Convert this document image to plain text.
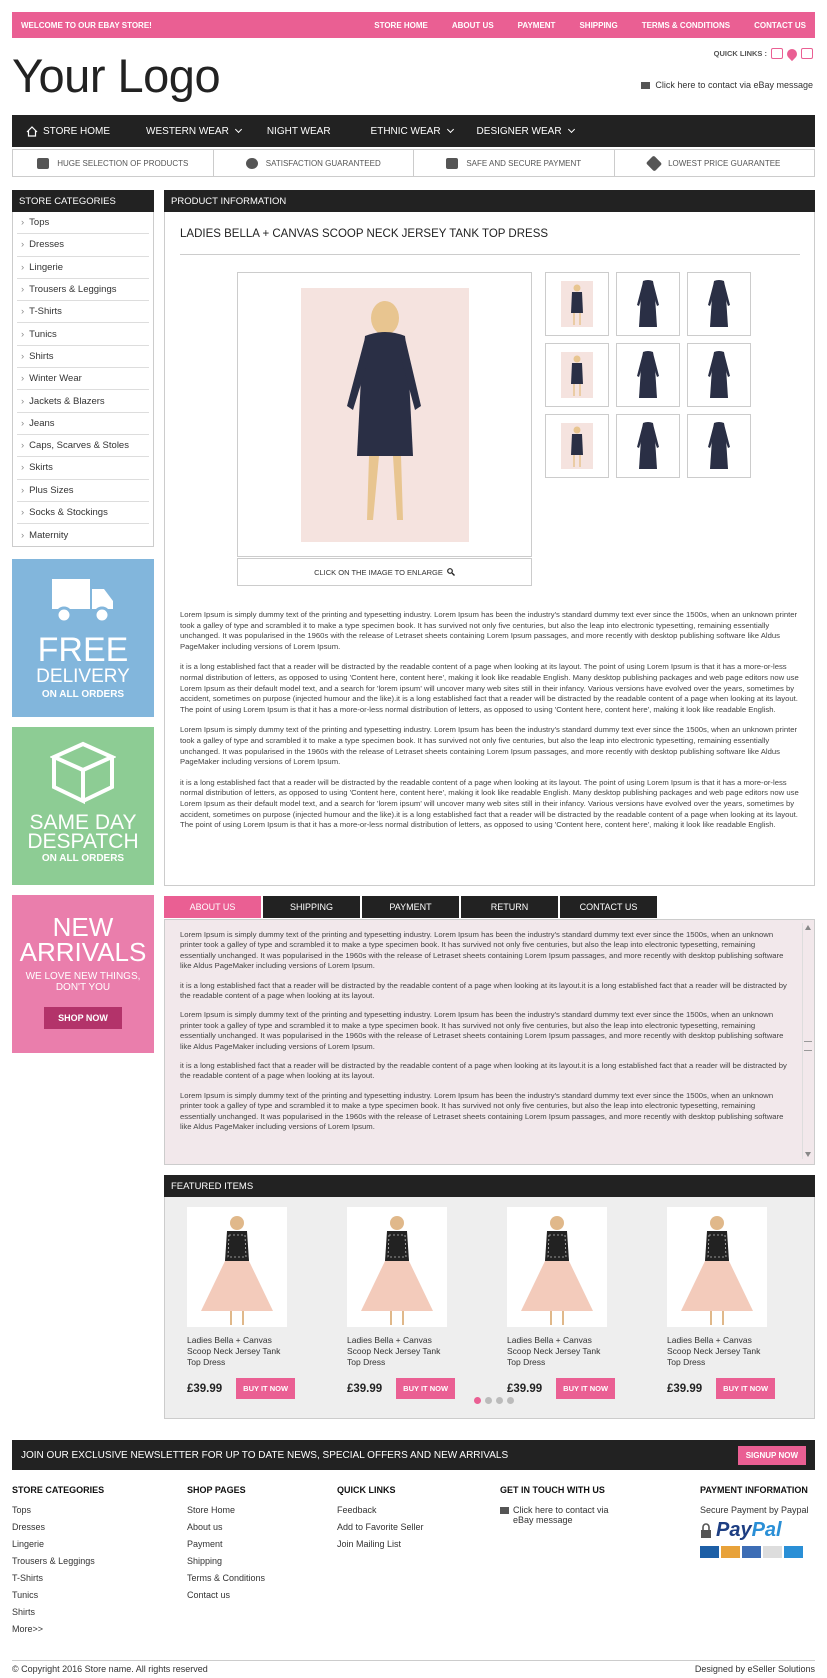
WELCOME TO OUR EBAY STORE!	STORE HOME	ABOUT US	PAYMENT	SHIPPING	TERMS & CONDITIONS	CONTACT US
Your Logo	QUICK LINKS :
Click here to contact via eBay message
STORE HOME	WESTERN WEAR	NIGHT WEAR	ETHNIC WEAR	DESIGNER WEAR
HUGE SELECTION OF PRODUCTS	SATISFACTION GUARANTEED	SAFE AND SECURE PAYMENT	LOWEST PRICE GUARANTEE
STORE CATEGORIES
› Tops
› Dresses
› Lingerie
› Trousers & Leggings
› T-Shirts
› Tunics
› Shirts
› Winter Wear
› Jackets & Blazers
› Jeans
› Caps, Scarves & Stoles
› Skirts
› Plus Sizes
› Socks & Stockings
› Maternity
FREE
DELIVERY
ON ALL ORDERS
SAME DAY
DESPATCH
ON ALL ORDERS
NEW
ARRIVALS
WE LOVE NEW THINGS,
DON'T YOU
SHOP NOW
PRODUCT INFORMATION
LADIES BELLA + CANVAS SCOOP NECK JERSEY TANK TOP DRESS
CLICK ON THE IMAGE TO ENLARGE

Lorem Ipsum is simply dummy text of the printing and typesetting industry. Lorem Ipsum has been the industry's standard dummy text ever since the 1500s, when an unknown printer took a galley of type and scrambled it to make a type specimen book. It has survived not only five centuries, but also the leap into electronic typesetting, remaining essentially unchanged. It was popularised in the 1960s with the release of Letraset sheets containing Lorem Ipsum passages, and more recently with desktop publishing software like Aldus PageMaker including versions of Lorem Ipsum.

it is a long established fact that a reader will be distracted by the readable content of a page when looking at its layout. The point of using Lorem Ipsum is that it has a more-or-less normal distribution of letters, as opposed to using 'Content here, content here', making it look like readable English. Many desktop publishing packages and web page editors now use Lorem Ipsum as their default model text, and a search for 'lorem ipsum' will uncover many web sites still in their infancy. Various versions have evolved over the years, sometimes by accident, sometimes on purpose (injected humour and the like).it is a long established fact that a reader will be distracted by the readable content of a page when looking at its layout. The point of using Lorem Ipsum is that it has a more-or-less normal distribution of letters, as opposed to using 'Content here, content here', making it look like readable English.

Lorem Ipsum is simply dummy text of the printing and typesetting industry. Lorem Ipsum has been the industry's standard dummy text ever since the 1500s, when an unknown printer took a galley of type and scrambled it to make a type specimen book. It has survived not only five centuries, but also the leap into electronic typesetting, remaining essentially unchanged. It was popularised in the 1960s with the release of Letraset sheets containing Lorem Ipsum passages, and more recently with desktop publishing software like Aldus PageMaker including versions of Lorem Ipsum.

it is a long established fact that a reader will be distracted by the readable content of a page when looking at its layout. The point of using Lorem Ipsum is that it has a more-or-less normal distribution of letters, as opposed to using 'Content here, content here', making it look like readable English. Many desktop publishing packages and web page editors now use Lorem Ipsum as their default model text, and a search for 'lorem ipsum' will uncover many web sites still in their infancy. Various versions have evolved over the years, sometimes by accident, sometimes on purpose (injected humour and the like).it is a long established fact that a reader will be distracted by the readable content of a page when looking at its layout. The point of using Lorem Ipsum is that it has a more-or-less normal distribution of letters, as opposed to using 'Content here, content here', making it look like readable English.

ABOUT US	SHIPPING	PAYMENT	RETURN	CONTACT US

Lorem Ipsum is simply dummy text of the printing and typesetting industry. Lorem Ipsum has been the industry's standard dummy text ever since the 1500s, when an unknown printer took a galley of type and scrambled it to make a type specimen book. It has survived not only five centuries, but also the leap into electronic typesetting, remaining essentially unchanged. It was popularised in the 1960s with the release of Letraset sheets containing Lorem Ipsum passages, and more recently with desktop publishing software like Aldus PageMaker including versions of Lorem Ipsum.

it is a long established fact that a reader will be distracted by the readable content of a page when looking at its layout.it is a long established fact that a reader will be distracted by the readable content of a page when looking at its layout.

Lorem Ipsum is simply dummy text of the printing and typesetting industry. Lorem Ipsum has been the industry's standard dummy text ever since the 1500s, when an unknown printer took a galley of type and scrambled it to make a type specimen book. It has survived not only five centuries, but also the leap into electronic typesetting, remaining essentially unchanged. It was popularised in the 1960s with the release of Letraset sheets containing Lorem Ipsum passages, and more recently with desktop publishing software like Aldus PageMaker including versions of Lorem Ipsum.

it is a long established fact that a reader will be distracted by the readable content of a page when looking at its layout.it is a long established fact that a reader will be distracted by the readable content of a page when looking at its layout.

Lorem Ipsum is simply dummy text of the printing and typesetting industry. Lorem Ipsum has been the industry's standard dummy text ever since the 1500s, when an unknown printer took a galley of type and scrambled it to make a type specimen book. It has survived not only five centuries, but also the leap into electronic typesetting, remaining essentially unchanged. It was popularised in the 1960s with the release of Letraset sheets containing Lorem Ipsum passages, and more recently with desktop publishing software like Aldus PageMaker including versions of Lorem Ipsum.

FEATURED ITEMS
Ladies Bella + Canvas Scoop Neck Jersey Tank Top Dress
£39.99	BUY IT NOW
Ladies Bella + Canvas Scoop Neck Jersey Tank Top Dress
£39.99	BUY IT NOW
Ladies Bella + Canvas Scoop Neck Jersey Tank Top Dress
£39.99	BUY IT NOW
Ladies Bella + Canvas Scoop Neck Jersey Tank Top Dress
£39.99	BUY IT NOW
JOIN OUR EXCLUSIVE NEWSLETTER FOR UP TO DATE NEWS, SPECIAL OFFERS AND NEW ARRIVALS	SIGNUP NOW
STORE CATEGORIES
Tops
Dresses
Lingerie
Trousers & Leggings
T-Shirts
Tunics
Shirts
More>>
SHOP PAGES
Store Home
About us
Payment
Shipping
Terms & Conditions
Contact us
QUICK LINKS
Feedback
Add to Favorite Seller
Join Mailing List
GET IN TOUCH WITH US
Click here to contact via
eBay message
PAYMENT INFORMATION
Secure Payment by Paypal
PayPal
© Copyright 2016 Store name. All rights reserved	Designed by eSeller Solutions
